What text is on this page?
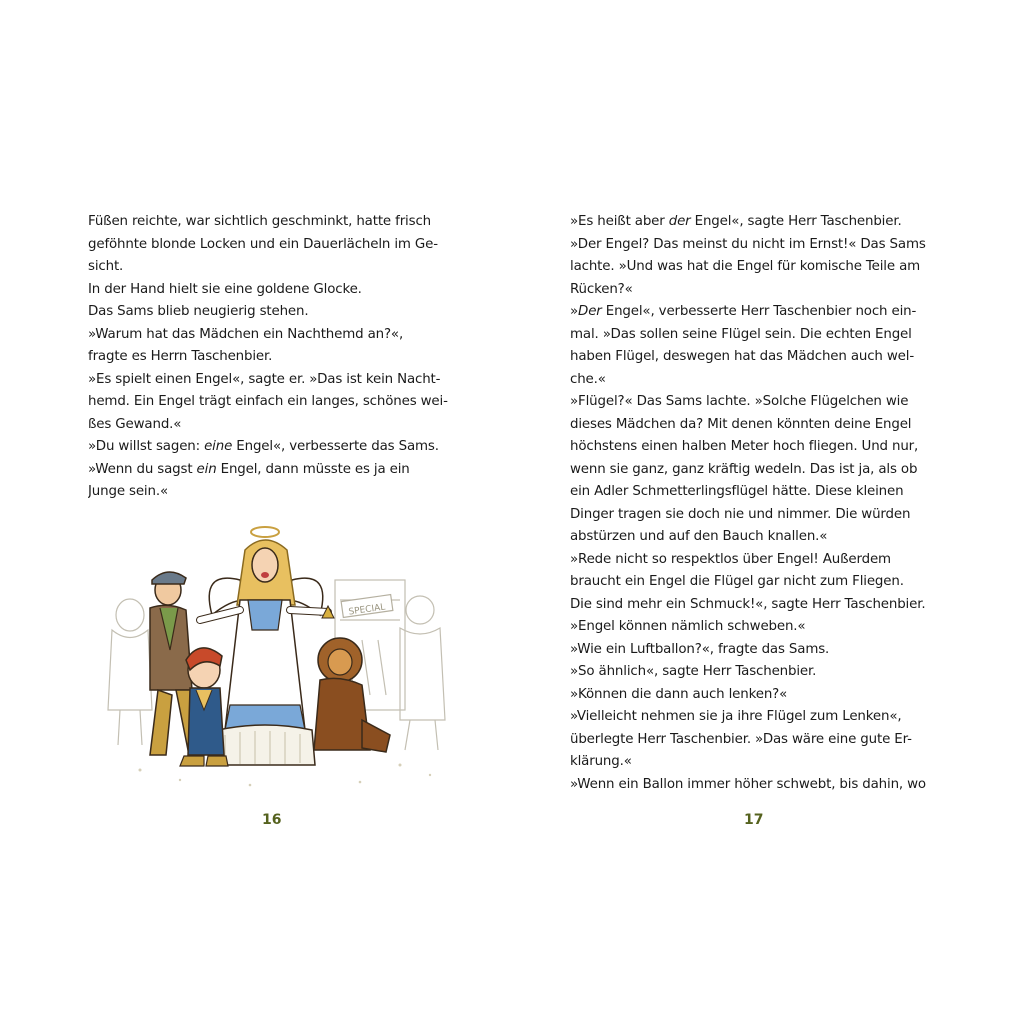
Füßen reichte, war sichtlich geschminkt, hatte frisch
geföhnte blonde Locken und ein Dauerlächeln im Ge-
sicht.
In der Hand hielt sie eine goldene Glocke.
Das Sams blieb neugierig stehen.
»Warum hat das Mädchen ein Nachthemd an?«,
fragte es Herrn Taschenbier.
»Es spielt einen Engel«, sagte er. »Das ist kein Nacht-
hemd. Ein Engel trägt einfach ein langes, schönes wei-
ßes Gewand.«
»Du willst sagen: eine Engel«, verbesserte das Sams.
»Wenn du sagst ein Engel, dann müsste es ja ein
Junge sein.«
SPECIAL
16
»Es heißt aber der Engel«, sagte Herr Taschenbier.
»Der Engel? Das meinst du nicht im Ernst!« Das Sams
lachte. »Und was hat die Engel für komische Teile am
Rücken?«
»Der Engel«, verbesserte Herr Taschenbier noch ein-
mal. »Das sollen seine Flügel sein. Die echten Engel
haben Flügel, deswegen hat das Mädchen auch wel-
che.«
»Flügel?« Das Sams lachte. »Solche Flügelchen wie
dieses Mädchen da? Mit denen könnten deine Engel
höchstens einen halben Meter hoch fliegen. Und nur,
wenn sie ganz, ganz kräftig wedeln. Das ist ja, als ob
ein Adler Schmetterlingsflügel hätte. Diese kleinen
Dinger tragen sie doch nie und nimmer. Die würden
abstürzen und auf den Bauch knallen.«
»Rede nicht so respektlos über Engel! Außerdem
braucht ein Engel die Flügel gar nicht zum Fliegen.
Die sind mehr ein Schmuck!«, sagte Herr Taschenbier.
»Engel können nämlich schweben.«
»Wie ein Luftballon?«, fragte das Sams.
»So ähnlich«, sagte Herr Taschenbier.
»Können die dann auch lenken?«
»Vielleicht nehmen sie ja ihre Flügel zum Lenken«,
überlegte Herr Taschenbier. »Das wäre eine gute Er-
klärung.«
»Wenn ein Ballon immer höher schwebt, bis dahin, wo
17
